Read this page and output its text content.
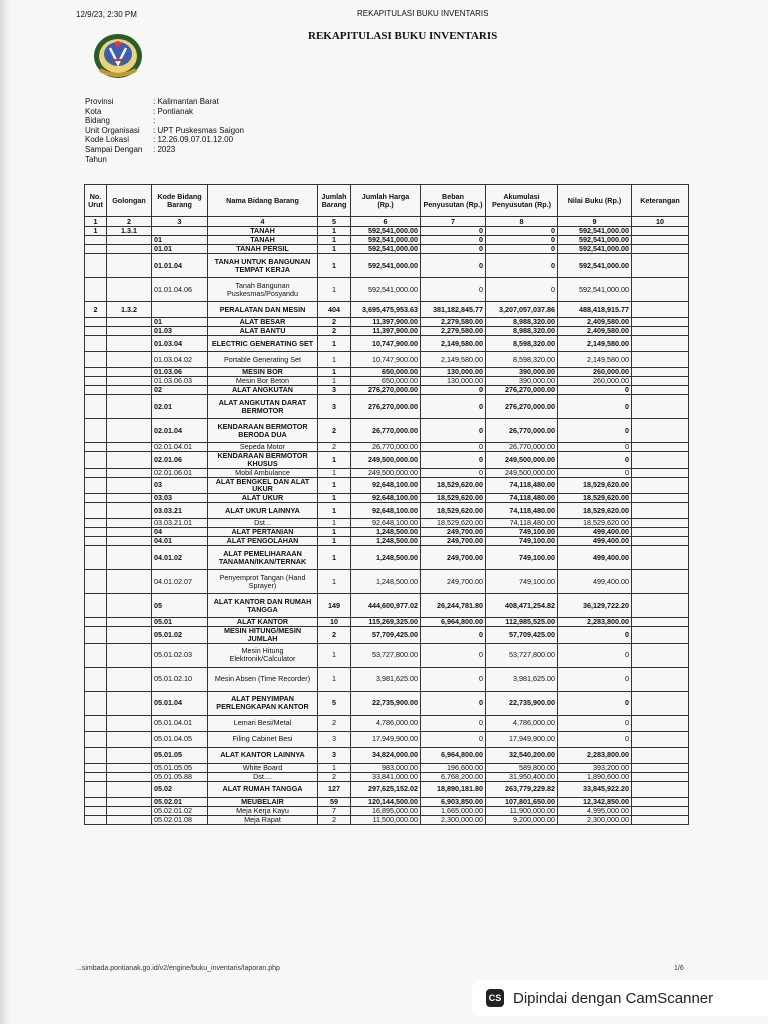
12/9/23, 2:30 PM	REKAPITULASI BUKU INVENTARIS
REKAPITULASI BUKU INVENTARIS
Provinsi	: Kalimantan Barat
Kota	: Pontianak
Bidang	:
Unit Organisasi	: UPT Puskesmas Saigon
Kode Lokasi	: 12.26.09.07.01.12.00
Sampai Dengan Tahun
: 2023
No. Urut	Golongan	Kode Bidang Barang	Nama Bidang Barang	Jumlah Barang	Jumlah Harga (Rp.)	Beban Penyusutan (Rp.)	Akumulasi Penyusutan (Rp.)	Nilai Buku (Rp.)	Keterangan
1	2	3	4	5	6	7	8	9	10
1	1.3.1		TANAH	1	592,541,000.00	0	0	592,541,000.00	
		01	TANAH	1	592,541,000.00	0	0	592,541,000.00	
		01.01	TANAH PERSIL	1	592,541,000.00	0	0	592,541,000.00	
		01.01.04	TANAH UNTUK BANGUNAN TEMPAT KERJA	1	592,541,000.00	0	0	592,541,000.00	
		01.01.04.06	Tanah Bangunan Puskesmas/Posyandu	1	592,541,000.00	0	0	592,541,000.00	
2	1.3.2		PERALATAN DAN MESIN	404	3,695,475,953.63	381,182,845.77	3,207,057,037.86	488,418,915.77	
		01	ALAT BESAR	2	11,397,900.00	2,279,580.00	8,988,320.00	2,409,580.00	
		01.03	ALAT BANTU	2	11,397,900.00	2,279,580.00	8,988,320.00	2,409,580.00	
		01.03.04	ELECTRIC GENERATING SET	1	10,747,900.00	2,149,580.00	8,598,320.00	2,149,580.00	
		01.03.04.02	Portable Generating Set	1	10,747,900.00	2,149,580.00	8,598,320.00	2,149,580.00	
		01.03.06	MESIN BOR	1	650,000.00	130,000.00	390,000.00	260,000.00	
		01.03.06.03	Mesin Bor Beton	1	650,000.00	130,000.00	390,000.00	260,000.00	
		02	ALAT ANGKUTAN	3	276,270,000.00	0	276,270,000.00	0	
		02.01	ALAT ANGKUTAN DARAT BERMOTOR	3	276,270,000.00	0	276,270,000.00	0	
		02.01.04	KENDARAAN BERMOTOR BERODA DUA	2	26,770,000.00	0	26,770,000.00	0	
		02.01.04.01	Sepeda Motor	2	26,770,000.00	0	26,770,000.00	0	
		02.01.06	KENDARAAN BERMOTOR KHUSUS	1	249,500,000.00	0	249,500,000.00	0	
		02.01.06.01	Mobil Ambulance	1	249,500,000.00	0	249,500,000.00	0	
		03	ALAT BENGKEL DAN ALAT UKUR	1	92,648,100.00	18,529,620.00	74,118,480.00	18,529,620.00	
		03.03	ALAT UKUR	1	92,648,100.00	18,529,620.00	74,118,480.00	18,529,620.00	
		03.03.21	ALAT UKUR LAINNYA	1	92,648,100.00	18,529,620.00	74,118,480.00	18,529,620.00	
		03.03.21.01	Dst...	1	92,648,100.00	18,529,620.00	74,118,480.00	18,529,620.00	
		04	ALAT PERTANIAN	1	1,248,500.00	249,700.00	749,100.00	499,400.00	
		04.01	ALAT PENGOLAHAN	1	1,248,500.00	249,700.00	749,100.00	499,400.00	
		04.01.02	ALAT PEMELIHARAAN TANAMAN/IKAN/TERNAK	1	1,248,500.00	249,700.00	749,100.00	499,400.00	
		04.01.02.07	Penyemprot Tangan (Hand Sprayer)	1	1,248,500.00	249,700.00	749,100.00	499,400.00	
		05	ALAT KANTOR DAN RUMAH TANGGA	149	444,600,977.02	26,244,781.80	408,471,254.82	36,129,722.20	
		05.01	ALAT KANTOR	10	115,269,325.00	6,964,800.00	112,985,525.00	2,283,800.00	
		05.01.02	MESIN HITUNG/MESIN JUMLAH	2	57,709,425.00	0	57,709,425.00	0	
		05.01.02.03	Mesin Hitung Elektronik/Calculator	1	53,727,800.00	0	53,727,800.00	0	
		05.01.02.10	Mesin Absen (Time Recorder)	1	3,981,625.00	0	3,981,625.00	0	
		05.01.04	ALAT PENYIMPAN PERLENGKAPAN KANTOR	5	22,735,900.00	0	22,735,900.00	0	
		05.01.04.01	Lemari Besi/Metal	2	4,786,000.00	0	4,786,000.00	0	
		05.01.04.05	Filing Cabinet Besi	3	17,949,900.00	0	17,949,900.00	0	
		05.01.05	ALAT KANTOR LAINNYA	3	34,824,000.00	6,964,800.00	32,540,200.00	2,283,800.00	
		05.01.05.05	White Board	1	983,000.00	196,600.00	589,800.00	393,200.00	
		05.01.05.88	Dst....	2	33,841,000.00	6,768,200.00	31,950,400.00	1,890,600.00	
		05.02	ALAT RUMAH TANGGA	127	297,625,152.02	18,890,181.80	263,779,229.82	33,845,922.20	
		05.02.01	MEUBELAIR	59	120,144,500.00	6,903,850.00	107,801,650.00	12,342,850.00	
		05.02.01.02	Meja Kerja Kayu	7	16,895,000.00	1,665,000.00	11,900,000.00	4,995,000.00	
		05.02.01.08	Meja Rapat	2	11,500,000.00	2,300,000.00	9,200,000.00	2,300,000.00	
...simbada.pontianak.go.id/v2/engine/buku_inventaris/laporan.php	1/6
CS Dipindai dengan CamScanner
